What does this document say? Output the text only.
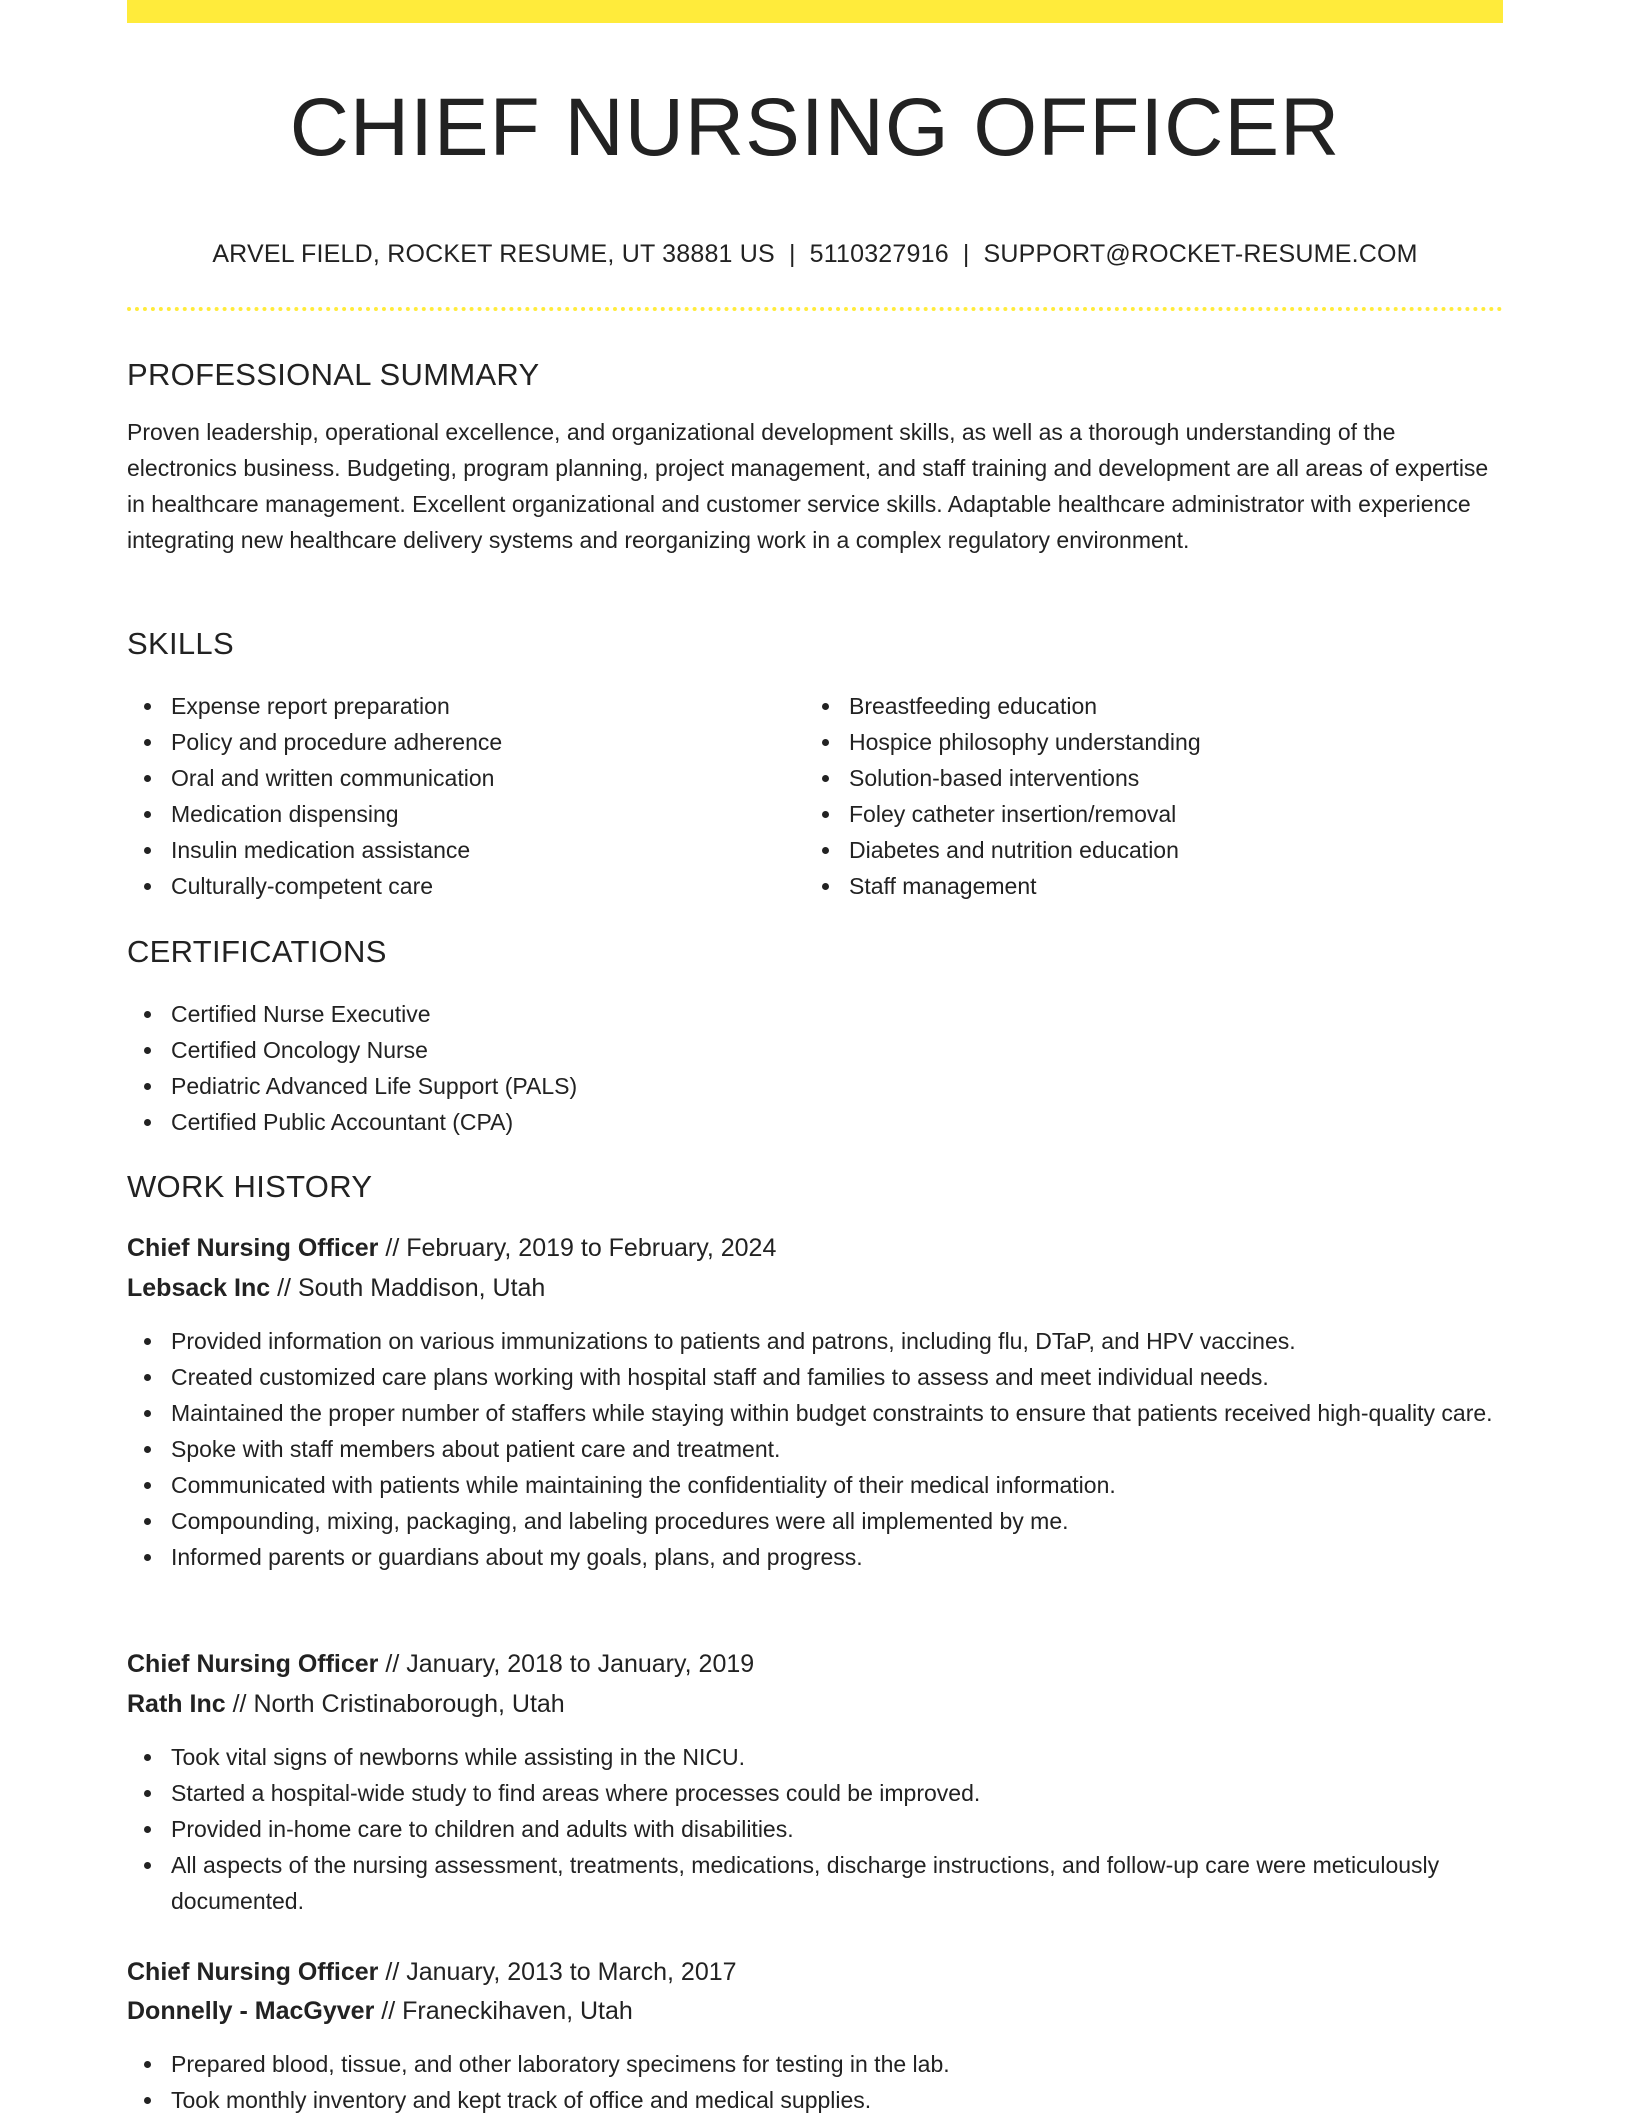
CHIEF NURSING OFFICER
ARVEL FIELD, ROCKET RESUME, UT 38881 US | 5110327916 | SUPPORT@ROCKET-RESUME.COM
PROFESSIONAL SUMMARY

Proven leadership, operational excellence, and organizational development skills, as well as a thorough understanding of the electronics business. Budgeting, program planning, project management, and staff training and development are all areas of expertise in healthcare management. Excellent organizational and customer service skills. Adaptable healthcare administrator with experience integrating new healthcare delivery systems and reorganizing work in a complex regulatory environment.

SKILLS
Expense report preparation
Policy and procedure adherence
Oral and written communication
Medication dispensing
Insulin medication assistance
Culturally-competent care
Breastfeeding education
Hospice philosophy understanding
Solution-based interventions
Foley catheter insertion/removal
Diabetes and nutrition education
Staff management
CERTIFICATIONS
Certified Nurse Executive
Certified Oncology Nurse
Pediatric Advanced Life Support (PALS)
Certified Public Accountant (CPA)
WORK HISTORY
Chief Nursing Officer // February, 2019 to February, 2024
Lebsack Inc // South Maddison, Utah
Provided information on various immunizations to patients and patrons, including flu, DTaP, and HPV vaccines.
Created customized care plans working with hospital staff and families to assess and meet individual needs.
Maintained the proper number of staffers while staying within budget constraints to ensure that patients received high-quality care.
Spoke with staff members about patient care and treatment.
Communicated with patients while maintaining the confidentiality of their medical information.
Compounding, mixing, packaging, and labeling procedures were all implemented by me.
Informed parents or guardians about my goals, plans, and progress.
Chief Nursing Officer // January, 2018 to January, 2019
Rath Inc // North Cristinaborough, Utah
Took vital signs of newborns while assisting in the NICU.
Started a hospital-wide study to find areas where processes could be improved.
Provided in-home care to children and adults with disabilities.
All aspects of the nursing assessment, treatments, medications, discharge instructions, and follow-up care were meticulously documented.
Chief Nursing Officer // January, 2013 to March, 2017
Donnelly - MacGyver // Franeckihaven, Utah
Prepared blood, tissue, and other laboratory specimens for testing in the lab.
Took monthly inventory and kept track of office and medical supplies.
